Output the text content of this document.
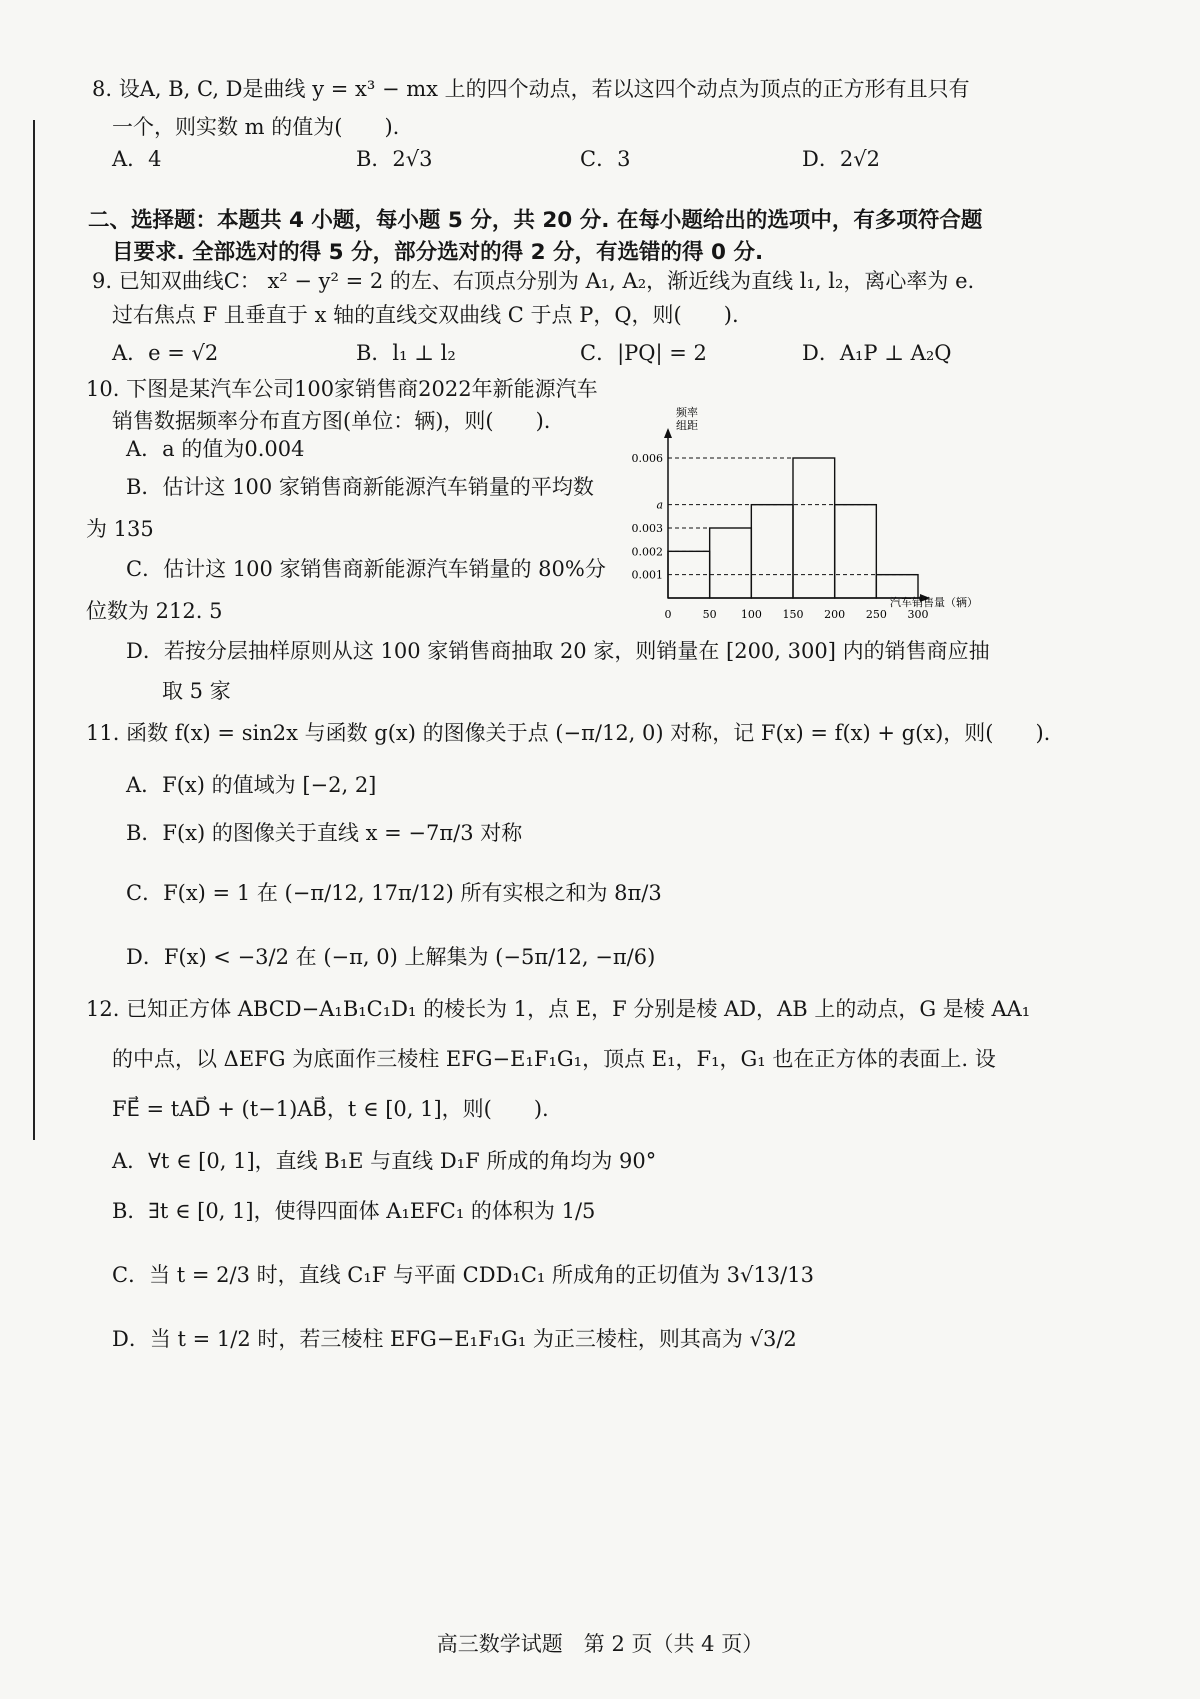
8. 设A, B, C, D是曲线 y = x³ − mx 上的四个动点，若以这四个动点为顶点的正方形有且只有
一个，则实数 m 的值为(　　).
A．4	B．2√3	C．3	D．2√2
二、选择题：本题共 4 小题，每小题 5 分，共 20 分. 在每小题给出的选项中，有多项符合题
目要求. 全部选对的得 5 分，部分选对的得 2 分，有选错的得 0 分.
9. 已知双曲线C： x² − y² = 2 的左、右顶点分别为 A₁, A₂，渐近线为直线 l₁, l₂，离心率为 e.
过右焦点 F 且垂直于 x 轴的直线交双曲线 C 于点 P，Q，则(　　).
A．e = √2	B．l₁ ⊥ l₂	C．|PQ| = 2	D．A₁P ⊥ A₂Q
10. 下图是某汽车公司100家销售商2022年新能源汽车
销售数据频率分布直方图(单位：辆)，则(　　).
A．a 的值为0.004
B．估计这 100 家销售商新能源汽车销量的平均数
为 135
C．估计这 100 家销售商新能源汽车销量的 80%分
位数为 212. 5
D．若按分层抽样原则从这 100 家销售商抽取 20 家，则销量在 [200, 300] 内的销售商应抽
取 5 家
频率
组距
汽车销售量（辆）
0.006
a
0.003
0.002
0.001
0	50 100 150 200 250 300
11. 函数 f(x) = sin2x 与函数 g(x) 的图像关于点 (−π/12, 0) 对称，记 F(x) = f(x) + g(x)，则(　　).
A．F(x) 的值域为 [−2, 2]
B．F(x) 的图像关于直线 x = −7π/3 对称
C．F(x) = 1 在 (−π/12, 17π/12) 所有实根之和为 8π/3
D．F(x) < −3/2 在 (−π, 0) 上解集为 (−5π/12, −π/6)
12. 已知正方体 ABCD−A₁B₁C₁D₁ 的棱长为 1，点 E，F 分别是棱 AD，AB 上的动点，G 是棱 AA₁
的中点，以 ΔEFG 为底面作三棱柱 EFG−E₁F₁G₁，顶点 E₁，F₁，G₁ 也在正方体的表面上. 设
FE⃗ = tAD⃗ + (t−1)AB⃗，t ∈ [0, 1]，则(　　).
A．∀t ∈ [0, 1]，直线 B₁E 与直线 D₁F 所成的角均为 90°
B．∃t ∈ [0, 1]，使得四面体 A₁EFC₁ 的体积为 1/5
C．当 t = 2/3 时，直线 C₁F 与平面 CDD₁C₁ 所成角的正切值为 3√13/13
D．当 t = 1/2 时，若三棱柱 EFG−E₁F₁G₁ 为正三棱柱，则其高为 √3/2
高三数学试题　第 2 页（共 4 页）
